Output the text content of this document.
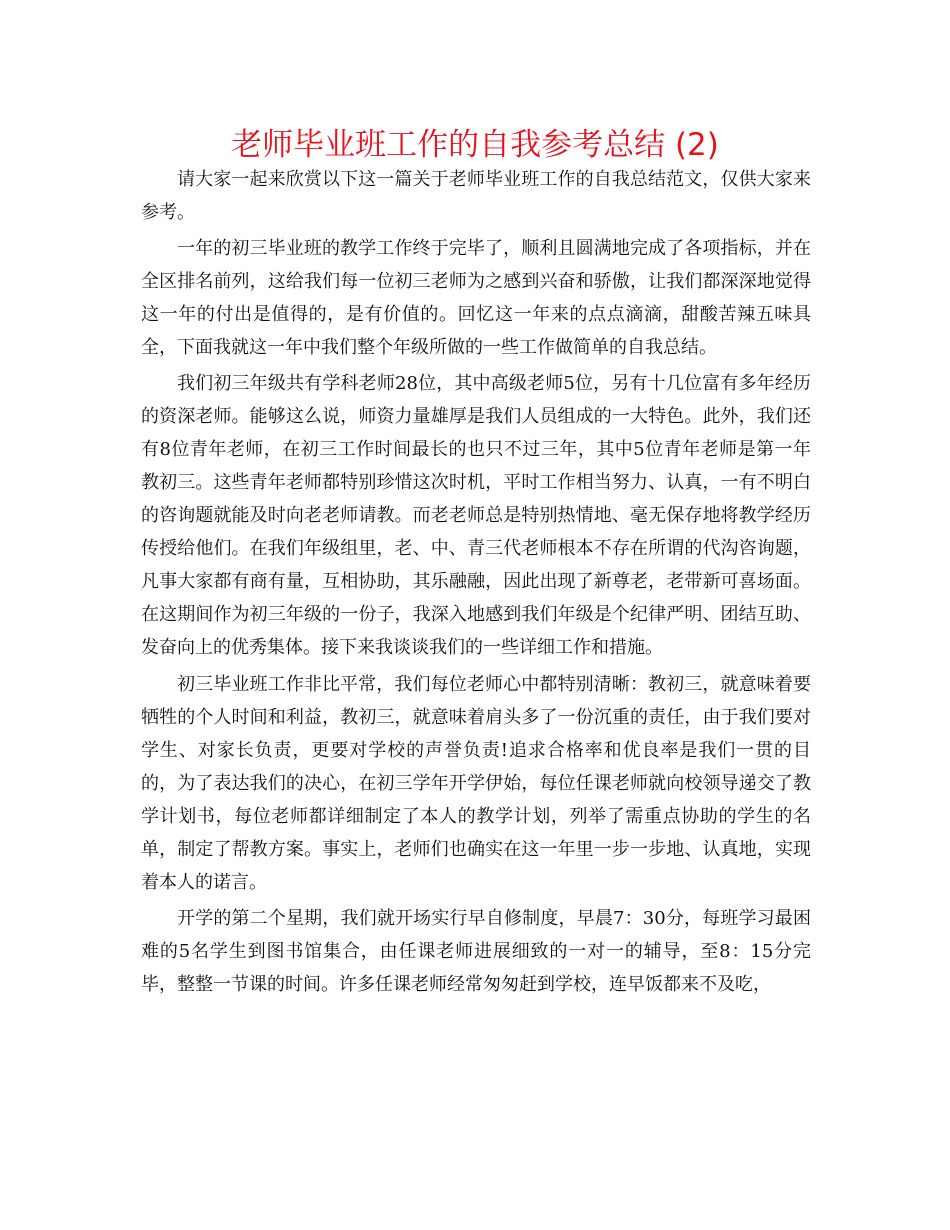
老师毕业班工作的自我参考总结 (2)

请大家一起来欣赏以下这一篇关于老师毕业班工作的自我总结范文，仅供大家来参考。

一年的初三毕业班的教学工作终于完毕了，顺利且圆满地完成了各项指标，并在全区排名前列，这给我们每一位初三老师为之感到兴奋和骄傲，让我们都深深地觉得这一年的付出是值得的，是有价值的。回忆这一年来的点点滴滴，甜酸苦辣五味具全，下面我就这一年中我们整个年级所做的一些工作做简单的自我总结。

我们初三年级共有学科老师28位，其中高级老师5位，另有十几位富有多年经历的资深老师。能够这么说，师资力量雄厚是我们人员组成的一大特色。此外，我们还有8位青年老师，在初三工作时间最长的也只不过三年，其中5位青年老师是第一年教初三。这些青年老师都特别珍惜这次时机，平时工作相当努力、认真，一有不明白的咨询题就能及时向老老师请教。而老老师总是特别热情地、毫无保存地将教学经历传授给他们。在我们年级组里，老、中、青三代老师根本不存在所谓的代沟咨询题，凡事大家都有商有量，互相协助，其乐融融，因此出现了新尊老，老带新可喜场面。在这期间作为初三年级的一份子，我深入地感到我们年级是个纪律严明、团结互助、发奋向上的优秀集体。接下来我谈谈我们的一些详细工作和措施。

初三毕业班工作非比平常，我们每位老师心中都特别清晰：教初三，就意味着要牺牲的个人时间和利益，教初三，就意味着肩头多了一份沉重的责任，由于我们要对学生、对家长负责，更要对学校的声誉负责!追求合格率和优良率是我们一贯的目的，为了表达我们的决心，在初三学年开学伊始，每位任课老师就向校领导递交了教学计划书，每位老师都详细制定了本人的教学计划，列举了需重点协助的学生的名单，制定了帮教方案。事实上，老师们也确实在这一年里一步一步地、认真地，实现着本人的诺言。

开学的第二个星期，我们就开场实行早自修制度，早晨7：30分，每班学习最困难的5名学生到图书馆集合，由任课老师进展细致的一对一的辅导，至8：15分完毕，整整一节课的时间。许多任课老师经常匆匆赶到学校，连早饭都来不及吃，
